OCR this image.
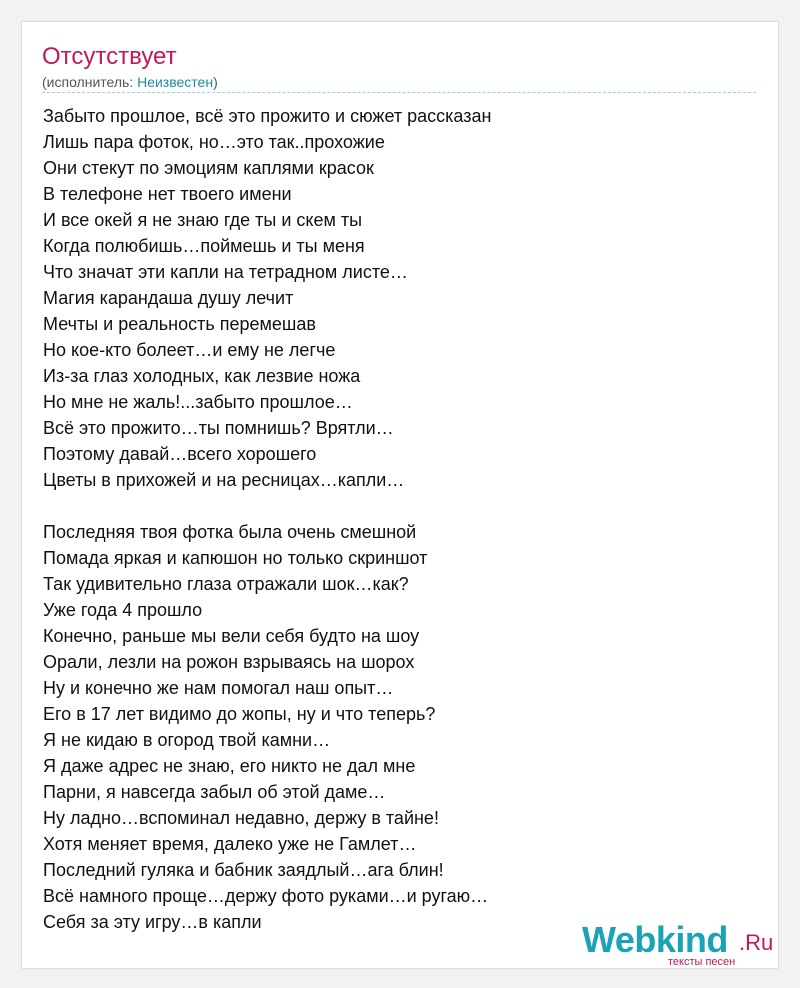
Отсутствует
(исполнитель: Неизвестен)
Забыто прошлое, всё это прожито и сюжет рассказан
Лишь пара фоток, но…это так..прохожие
Они стекут по эмоциям каплями красок
В телефоне нет твоего имени
И все окей я не знаю где ты и скем ты
Когда полюбишь…поймешь и ты меня
Что значат эти капли на тетрадном листе…
Магия карандаша душу лечит
Мечты и реальность перемешав
Но кое-кто болеет…и ему не легче
Из-за глаз холодных, как лезвие ножа
Но мне не жаль!...забыто прошлое…
Всё это прожито…ты помнишь? Врятли…
Поэтому давай…всего хорошего
Цветы в прихожей и на ресницах…капли…
Последняя твоя фотка была очень смешной
Помада яркая и капюшон но только скриншот
Так удивительно глаза отражали шок…как?
Уже года 4 прошло
Конечно, раньше мы вели себя будто на шоу
Орали, лезли на рожон взрываясь на шорох
Ну и конечно же нам помогал наш опыт…
Его в 17 лет видимо до жопы, ну и что теперь?
Я не кидаю в огород твой камни…
Я даже адрес не знаю, его никто не дал мне
Парни, я навсегда забыл об этой даме…
Ну ладно…вспоминал недавно, держу в тайне!
Хотя меняет время, далеко уже не Гамлет…
Последний гуляка и бабник заядлый…ага блин!
Всё намного проще…держу фото руками…и ругаю…
Себя за эту игру…в капли	Webkind .Ru
тексты песен
